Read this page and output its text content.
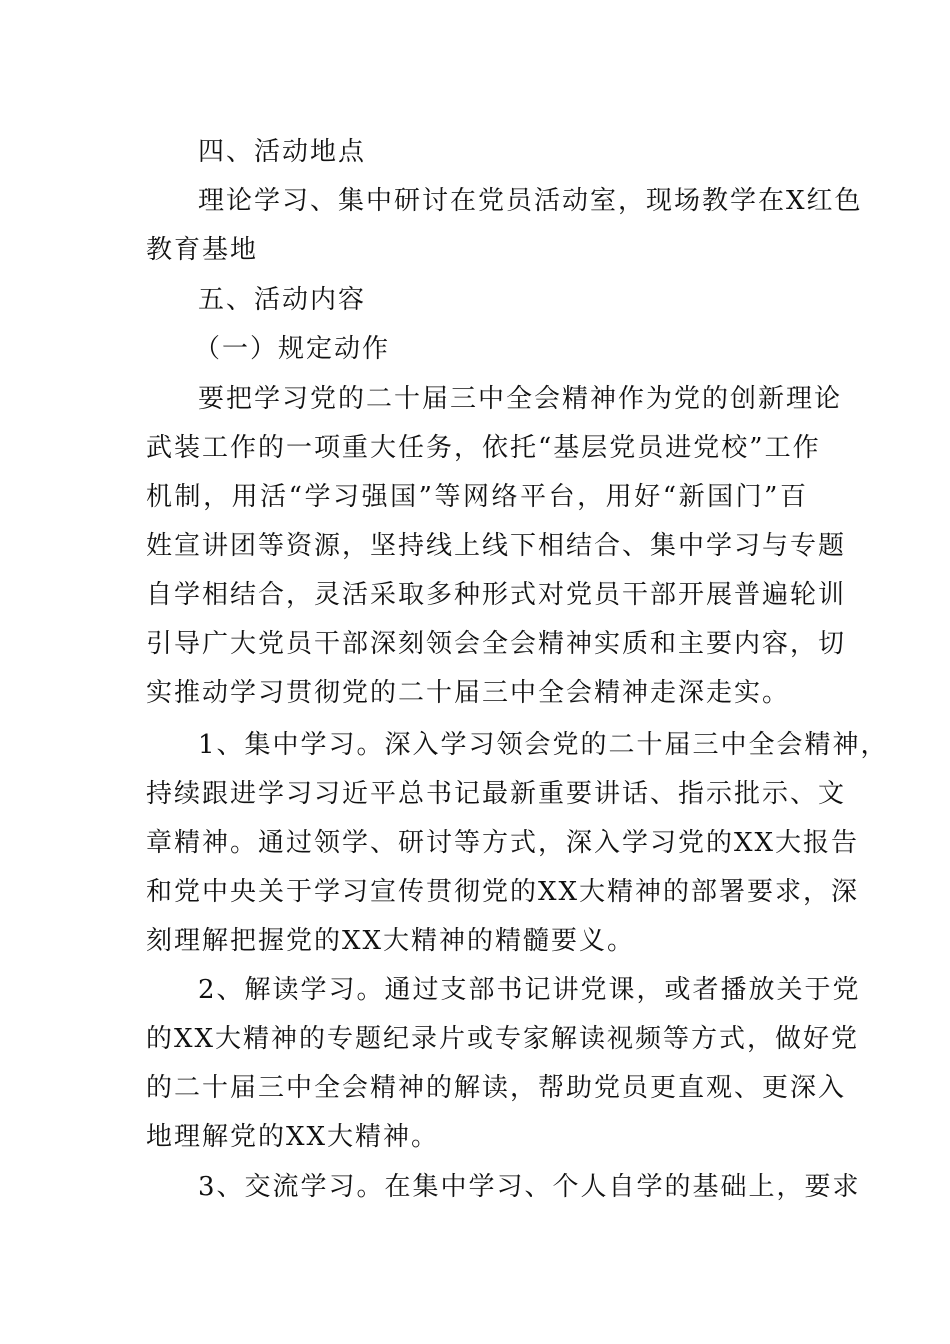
四、活动地点
理论学习、集中研讨在党员活动室，现场教学在X红色
教育基地
五、活动内容
（一）规定动作
要把学习党的二十届三中全会精神作为党的创新理论
武装工作的一项重大任务，依托“基层党员进党校”工作
机制，用活“学习强国”等网络平台，用好“新国门”百
姓宣讲团等资源，坚持线上线下相结合、集中学习与专题
自学相结合，灵活采取多种形式对党员干部开展普遍轮训
引导广大党员干部深刻领会全会精神实质和主要内容，切
实推动学习贯彻党的二十届三中全会精神走深走实。
1、集中学习。深入学习领会党的二十届三中全会精神，
持续跟进学习习近平总书记最新重要讲话、指示批示、文
章精神。通过领学、研讨等方式，深入学习党的XX大报告
和党中央关于学习宣传贯彻党的XX大精神的部署要求，深
刻理解把握党的XX大精神的精髓要义。
2、解读学习。通过支部书记讲党课，或者播放关于党
的XX大精神的专题纪录片或专家解读视频等方式，做好党
的二十届三中全会精神的解读，帮助党员更直观、更深入
地理解党的XX大精神。
3、交流学习。在集中学习、个人自学的基础上，要求
